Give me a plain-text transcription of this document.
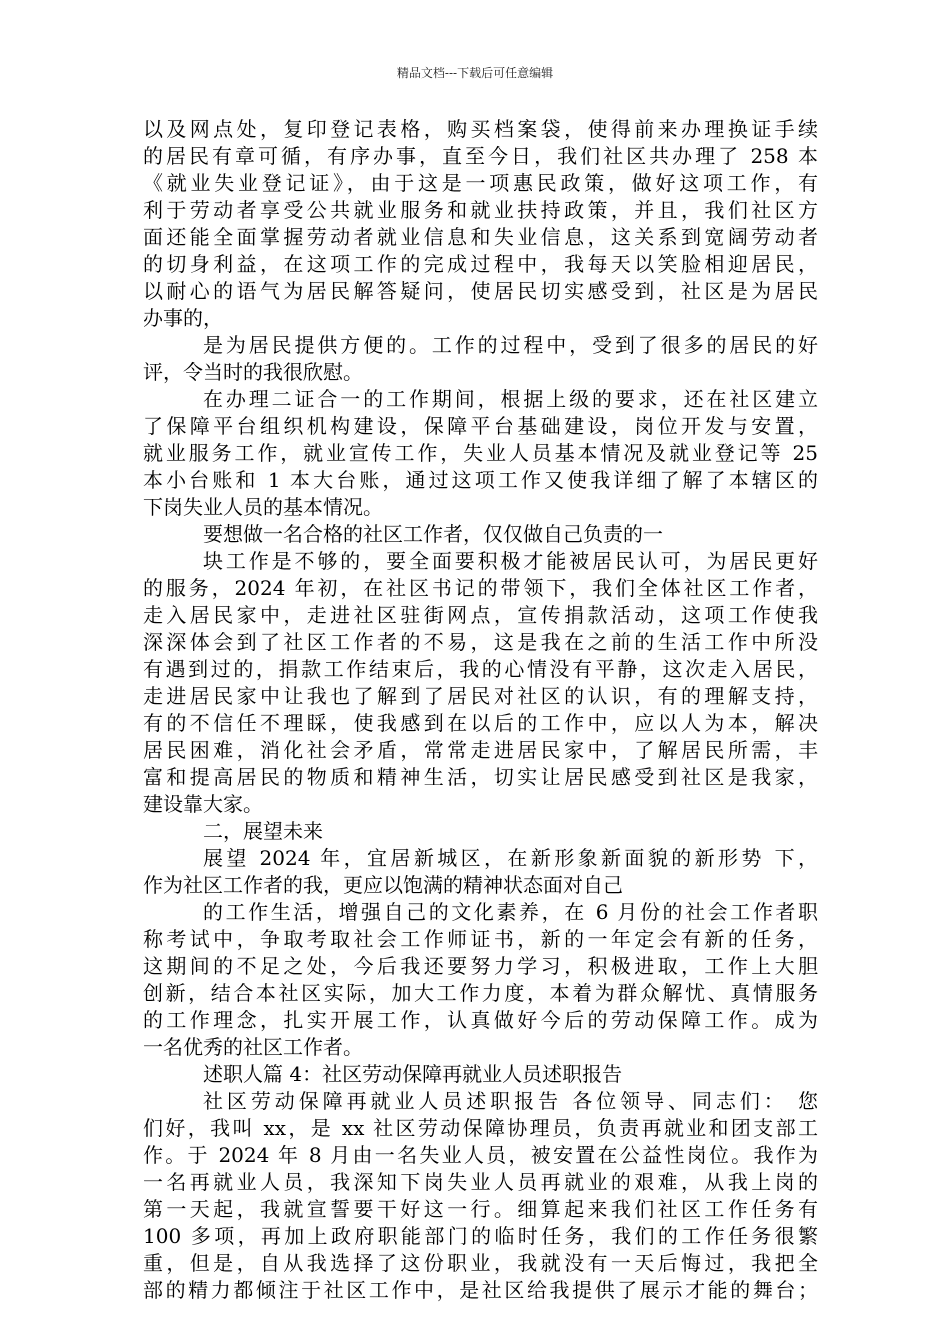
精品文档---下载后可任意编辑
以及网点处，复印登记表格，购买档案袋，使得前来办理换证手续
的居民有章可循，有序办事，直至今日，我们社区共办理了 258 本
《就业失业登记证》，由于这是一项惠民政策，做好这项工作，有
利于劳动者享受公共就业服务和就业扶持政策，并且，我们社区方
面还能全面掌握劳动者就业信息和失业信息，这关系到宽阔劳动者
的切身利益，在这项工作的完成过程中，我每天以笑脸相迎居民，
以耐心的语气为居民解答疑问，使居民切实感受到，社区是为居民
办事的，
是为居民提供方便的。工作的过程中，受到了很多的居民的好
评，令当时的我很欣慰。
在办理二证合一的工作期间，根据上级的要求，还在社区建立
了保障平台组织机构建设，保障平台基础建设，岗位开发与安置，
就业服务工作，就业宣传工作，失业人员基本情况及就业登记等 25
本小台账和 1 本大台账，通过这项工作又使我详细了解了本辖区的
下岗失业人员的基本情况。
要想做一名合格的社区工作者，仅仅做自己负责的一
块工作是不够的，要全面要积极才能被居民认可，为居民更好
的服务，2024 年初，在社区书记的带领下，我们全体社区工作者，
走入居民家中，走进社区驻街网点，宣传捐款活动，这项工作使我
深深体会到了社区工作者的不易，这是我在之前的生活工作中所没
有遇到过的，捐款工作结束后，我的心情没有平静，这次走入居民，
走进居民家中让我也了解到了居民对社区的认识，有的理解支持，
有的不信任不理睬，使我感到在以后的工作中，应以人为本，解决
居民困难，消化社会矛盾，常常走进居民家中，了解居民所需，丰
富和提高居民的物质和精神生活，切实让居民感受到社区是我家，
建设靠大家。
二，展望未来
展望 2024 年，宜居新城区，在新形象新面貌的新形势 下，
作为社区工作者的我，更应以饱满的精神状态面对自己
的工作生活，增强自己的文化素养，在 6 月份的社会工作者职
称考试中，争取考取社会工作师证书，新的一年定会有新的任务，
这期间的不足之处，今后我还要努力学习，积极进取，工作上大胆
创新，结合本社区实际，加大工作力度，本着为群众解忧、真情服务
的工作理念，扎实开展工作，认真做好今后的劳动保障工作。成为
一名优秀的社区工作者。
述职人篇 4：社区劳动保障再就业人员述职报告
社区劳动保障再就业人员述职报告 各位领导、同志们： 您
们好，我叫 xx，是 xx 社区劳动保障协理员，负责再就业和团支部工
作。于 2024 年 8 月由一名失业人员，被安置在公益性岗位。我作为
一名再就业人员，我深知下岗失业人员再就业的艰难，从我上岗的
第一天起，我就宣誓要干好这一行。细算起来我们社区工作任务有
100 多项，再加上政府职能部门的临时任务，我们的工作任务很繁
重，但是，自从我选择了这份职业，我就没有一天后悔过，我把全
部的精力都倾注于社区工作中，是社区给我提供了展示才能的舞台；
